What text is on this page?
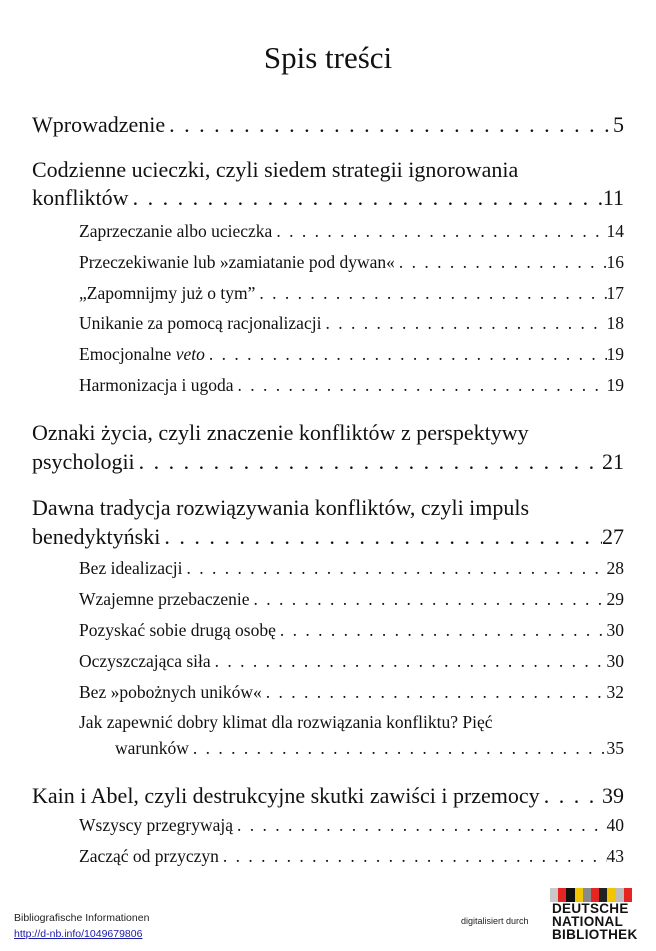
Spis treści
Wprowadzenie . . .	5
Codzienne ucieczki, czyli siedem strategii ignorowania
konfliktów . . .	11
Zaprzeczanie albo ucieczka . . .	14
Przeczekiwanie lub »zamiatanie pod dywan« . . .	16
„Zapomnijmy już o tym” . . .	17
Unikanie za pomocą racjonalizacji . . .	18
Emocjonalne veto . . .	19
Harmonizacja i ugoda . . .	19
Oznaki życia, czyli znaczenie konfliktów z perspektywy
psychologii . . .	21
Dawna tradycja rozwiązywania konfliktów, czyli impuls
benedyktyński . . .	27
Bez idealizacji . . .	28
Wzajemne przebaczenie . . .	29
Pozyskać sobie drugą osobę . . .	30
Oczyszczająca siła . . .	30
Bez »pobożnych uników« . . .	32
Jak zapewnić dobry klimat dla rozwiązania konfliktu? Pięć
warunków . . .	35
Kain i Abel, czyli destrukcyjne skutki zawiści i przemocy . . .	39
Wszyscy przegrywają . . .	40
Zacząć od przyczyn . . .	43
Bibliografische Informationen
http://d-nb.info/1049679806
digitalisiert durch
DEUTSCHE
NATIONAL
BIBLIOTHEK
